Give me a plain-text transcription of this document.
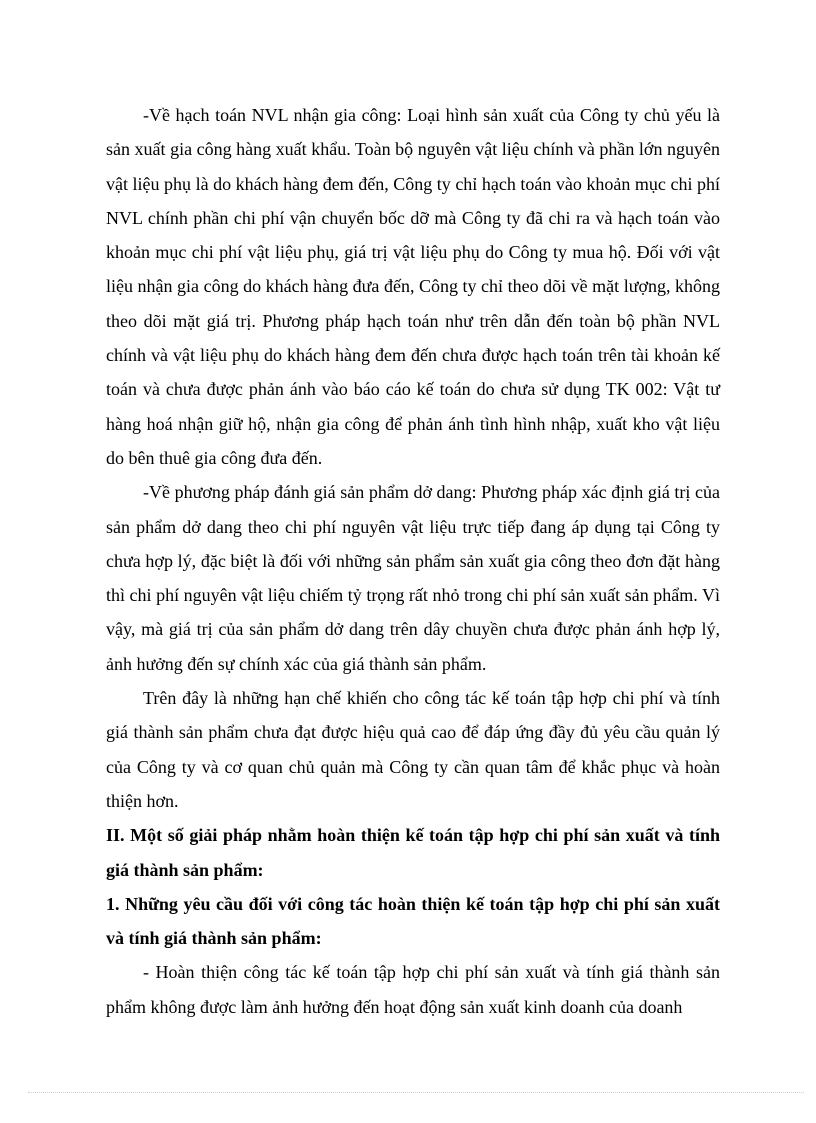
-Về hạch toán NVL nhận gia công: Loại hình sản xuất của Công ty chủ yếu là sản xuất gia công hàng xuất khẩu. Toàn bộ nguyên vật liệu chính và phần lớn nguyên vật liệu phụ là do khách hàng đem đến, Công ty chỉ hạch toán vào khoản mục chi phí NVL chính phần chi phí vận chuyển bốc dỡ mà Công ty đã chi ra và hạch toán vào khoản mục chi phí vật liệu phụ, giá trị vật liệu phụ do Công ty mua hộ. Đối với vật liệu nhận gia công do khách hàng đưa đến, Công ty chỉ theo dõi về mặt lượng, không theo dõi mặt giá trị. Phương pháp hạch toán như trên dẫn đến toàn bộ phần NVL chính và vật liệu phụ do khách hàng đem đến chưa được hạch toán trên tài khoản kế toán và chưa được phản ánh vào báo cáo kế toán do chưa sử dụng TK 002: Vật tư hàng hoá nhận giữ hộ, nhận gia công để phản ánh tình hình nhập, xuất kho vật liệu do bên thuê gia công đưa đến.

-Về phương pháp đánh giá sản phẩm dở dang: Phương pháp xác định giá trị của sản phẩm dở dang theo chi phí nguyên vật liệu trực tiếp đang áp dụng tại Công ty chưa hợp lý, đặc biệt là đối với những sản phẩm sản xuất gia công theo đơn đặt hàng thì chi phí nguyên vật liệu chiếm tỷ trọng rất nhỏ trong chi phí sản xuất sản phẩm. Vì vậy, mà giá trị của sản phẩm dở dang trên dây chuyền chưa được phản ánh hợp lý, ảnh hưởng đến sự chính xác của giá thành sản phẩm.

Trên đây là những hạn chế khiến cho công tác kế toán tập hợp chi phí và tính giá thành sản phẩm chưa đạt được hiệu quả cao để đáp ứng đầy đủ yêu cầu quản lý của Công ty và cơ quan chủ quản mà Công ty cần quan tâm để khắc phục và hoàn thiện hơn.

II. Một số giải pháp nhằm hoàn thiện kế toán tập hợp chi phí sản xuất và tính giá thành sản phẩm:

1. Những yêu cầu đối với công tác hoàn thiện kế toán tập hợp chi phí sản xuất và tính giá thành sản phẩm:

- Hoàn thiện công tác kế toán tập hợp chi phí sản xuất và tính giá thành sản phẩm không được làm ảnh hưởng đến hoạt động sản xuất kinh doanh của doanh
